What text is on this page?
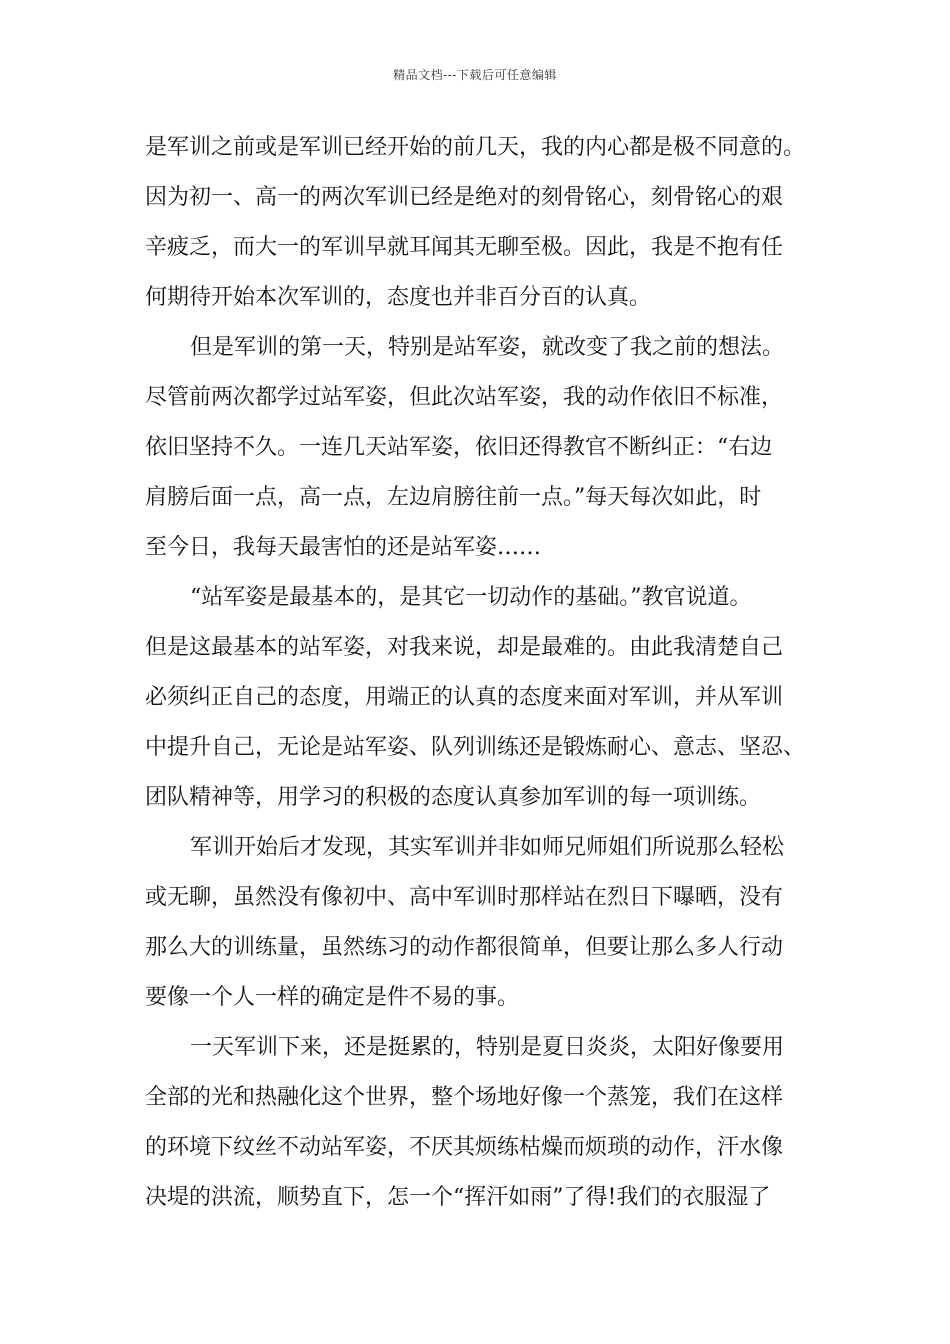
精品文档---下载后可任意编辑
是军训之前或是军训已经开始的前几天，我的内心都是极不同意的。
因为初一、高一的两次军训已经是绝对的刻骨铭心，刻骨铭心的艰
辛疲乏，而大一的军训早就耳闻其无聊至极。因此，我是不抱有任
何期待开始本次军训的，态度也并非百分百的认真。
但是军训的第一天，特别是站军姿，就改变了我之前的想法。
尽管前两次都学过站军姿，但此次站军姿，我的动作依旧不标准，
依旧坚持不久。一连几天站军姿，依旧还得教官不断纠正：“右边
肩膀后面一点，高一点，左边肩膀往前一点。”每天每次如此，时
至今日，我每天最害怕的还是站军姿……
“站军姿是最基本的，是其它一切动作的基础。”教官说道。
但是这最基本的站军姿，对我来说，却是最难的。由此我清楚自己
必须纠正自己的态度，用端正的认真的态度来面对军训，并从军训
中提升自己，无论是站军姿、队列训练还是锻炼耐心、意志、坚忍、
团队精神等，用学习的积极的态度认真参加军训的每一项训练。
军训开始后才发现，其实军训并非如师兄师姐们所说那么轻松
或无聊，虽然没有像初中、高中军训时那样站在烈日下曝晒，没有
那么大的训练量，虽然练习的动作都很简单，但要让那么多人行动
要像一个人一样的确定是件不易的事。
一天军训下来，还是挺累的，特别是夏日炎炎，太阳好像要用
全部的光和热融化这个世界，整个场地好像一个蒸笼，我们在这样
的环境下纹丝不动站军姿，不厌其烦练枯燥而烦琐的动作，汗水像
决堤的洪流，顺势直下，怎一个“挥汗如雨”了得!我们的衣服湿了
